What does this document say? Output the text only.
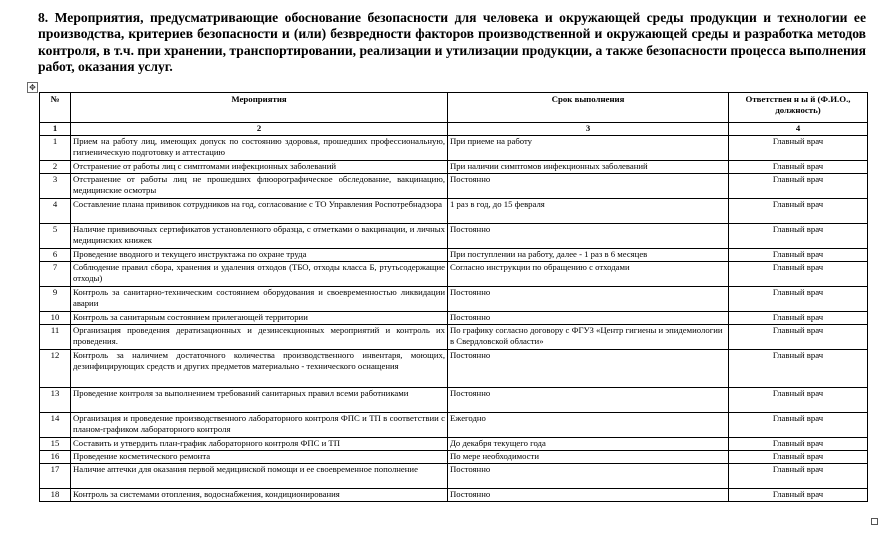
8. Мероприятия, предусматривающие обоснование безопасности для человека и окружающей среды продукции и технологии ее производства, критериев безопасности и (или) безвредности факторов производственной и окружающей среды и разработка методов контроля, в т.ч. при хранении, транспортировании, реализации и утилизации продукции, а также безопасности процесса выполнения работ, оказания услуг.
✥
№	Мероприятия	Срок выполнения	Ответствен н ы й (Ф.И.О., должность)
1	2	3	4
1	Прием на работу лиц, имеющих допуск по состоянию здоровья, прошедших профессиональную, гигиеническую подготовку и аттестацию	При приеме на работу	Главный врач
2	Отстранение от работы лиц с симптомами инфекционных заболеваний	При наличии симптомов инфекционных заболеваний	Главный врач
3	Отстранение от работы лиц не прошедших флюорографическое обследование, вакцинацию, медицинские осмотры	Постоянно	Главный врач
4	Составление плана прививок сотрудников на год, согласование с ТО Управления Роспотребнадзора	1 раз в год, до 15 февраля	Главный врач
5	Наличие прививочных сертификатов установленного образца, с отметками о вакцинации, и личных медицинских книжек	Постоянно	Главный врач
6	Проведение вводного и текущего инструктажа по охране труда	При поступлении на работу, далее - 1 раз в 6 месяцев	Главный врач
7	Соблюдение правил сбора, хранения и удаления отходов (ТБО, отходы класса Б, ртутьсодержащие отходы)	Согласно инструкции по обращению с отходами	Главный врач
9	Контроль за санитарно-техническим состоянием оборудования и своевременностью ликвидации аварии	Постоянно	Главный врач
10	Контроль за санитарным состоянием прилегающей территории	Постоянно	Главный врач
11	Организация проведения дератизационных и дезинсекционных мероприятий и контроль их проведения.	По графику согласно договору с ФГУЗ «Центр гигиены и эпидемиологии в Свердловской области»	Главный врач
12	Контроль за наличием достаточного количества производственного инвентаря, моющих, дезинфицирующих средств и других предметов материально - технического оснащения	Постоянно	Главный врач
13	Проведение контроля за выполнением требований санитарных правил всеми работниками	Постоянно	Главный врач
14	Организация и проведение производственного лабораторного контроля ФПС и ТП в соответствии с планом-графиком лабораторного контроля	Ежегодно	Главный врач
15	Составить и утвердить план-график лабораторного контроля ФПС и ТП	До декабря текущего года	Главный врач
16	Проведение косметического ремонта	По мере необходимости	Главный врач
17	Наличие аптечки для оказания первой медицинской помощи и ее своевременное пополнение	Постоянно	Главный врач
18	Контроль за системами отопления, водоснабжения, кондиционирования	Постоянно	Главный врач
